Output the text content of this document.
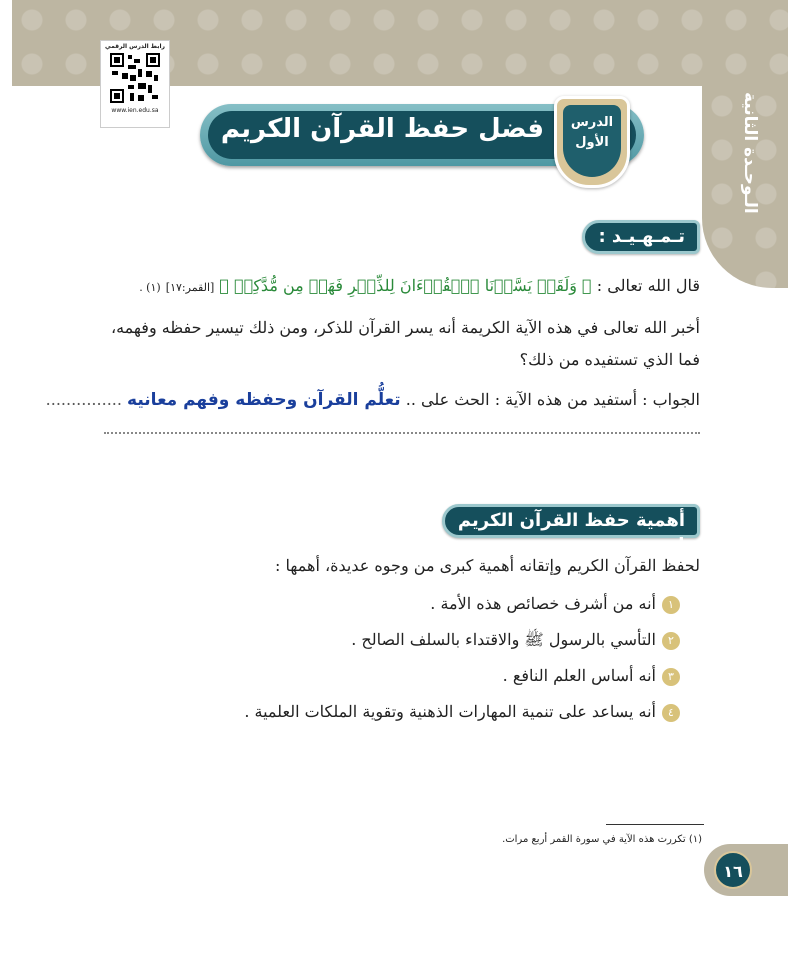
الـوحـدة الثانية
رابط الدرس الرقمي
www.ien.edu.sa
فضل حفظ القرآن الكريم	الدرس
الأول
تـمـهـيـد :
قال الله تعالى : ﴿ وَلَقَدۡ يَسَّرۡنَا ٱلۡقُرۡءَانَ لِلذِّكۡرِ فَهَلۡ مِن مُّدَّكِرٖ ﴾ [القمر:١٧] (١) .
أخبر الله تعالى في هذه الآية الكريمة أنه يسر القرآن للذكر، ومن ذلك تيسير حفظه وفهمه،
فما الذي تستفيده من ذلك؟
الجواب : أستفيد من هذه الآية : الحث على .. تعلُّم القرآن وحفظه وفهم معانيه ...............
أهمية حفظ القرآن الكريم :
لحفظ القرآن الكريم وإتقانه أهمية كبرى من وجوه عديدة، أهمها :
١أنه من أشرف خصائص هذه الأمة .
٢التأسي بالرسول ﷺ والاقتداء بالسلف الصالح .
٣أنه أساس العلم النافع .
٤أنه يساعد على تنمية المهارات الذهنية وتقوية الملكات العلمية .
(١) تكررت هذه الآية في سورة القمر أربع مرات.
١٦
